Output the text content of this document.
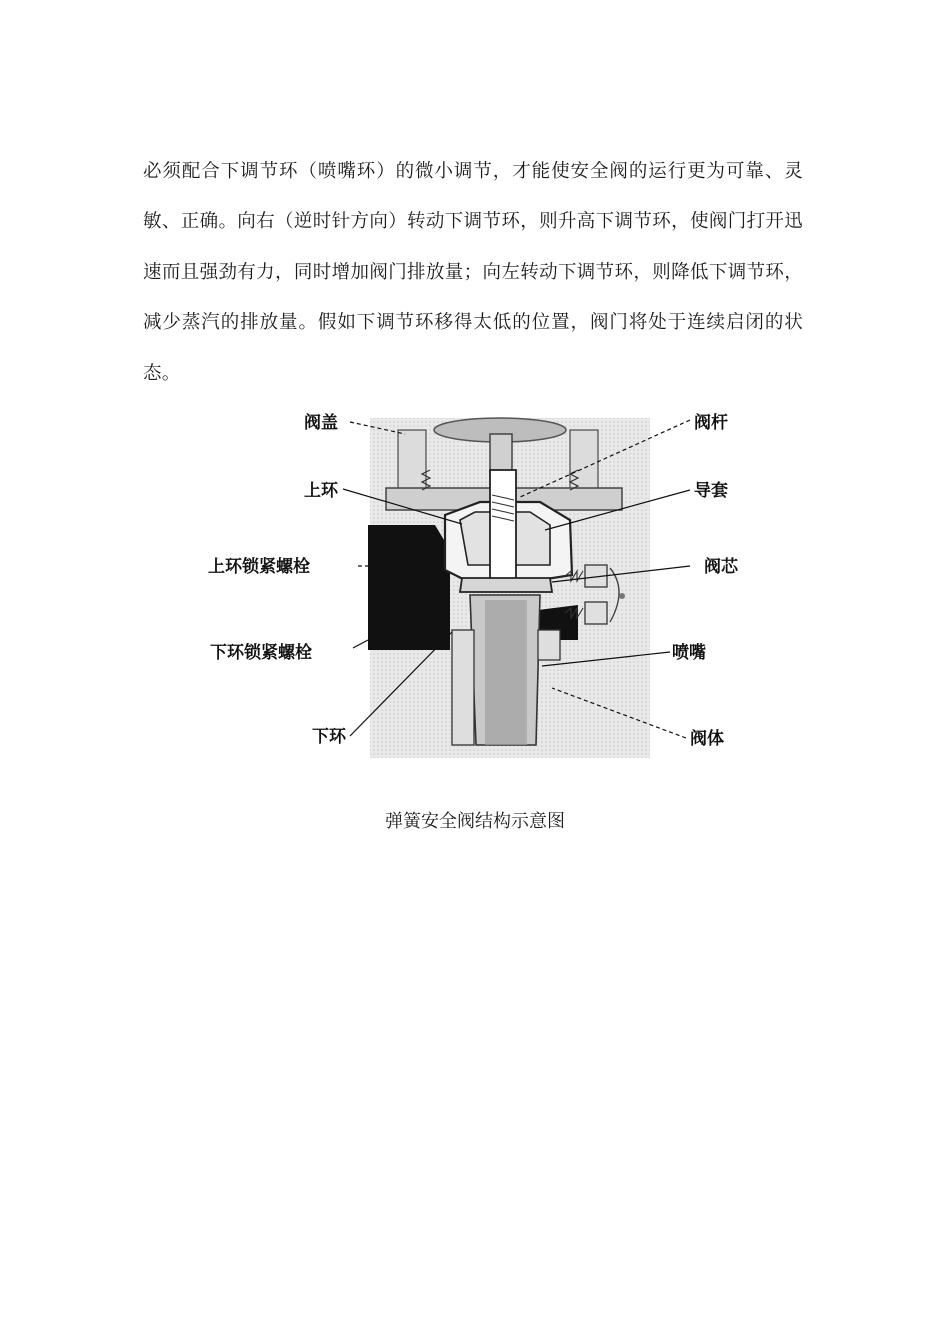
必须配合下调节环（喷嘴环）的微小调节，才能使安全阀的运行更为可靠、灵敏、正确。向右（逆时针方向）转动下调节环，则升高下调节环，使阀门打开迅速而且强劲有力，同时增加阀门排放量；向左转动下调节环，则降低下调节环，减少蒸汽的排放量。假如下调节环移得太低的位置，阀门将处于连续启闭的状态。

阀盖
上环
上环锁紧螺栓
下环锁紧螺栓
下环
阀杆
导套
阀芯
喷嘴
阀体
弹簧安全阀结构示意图
